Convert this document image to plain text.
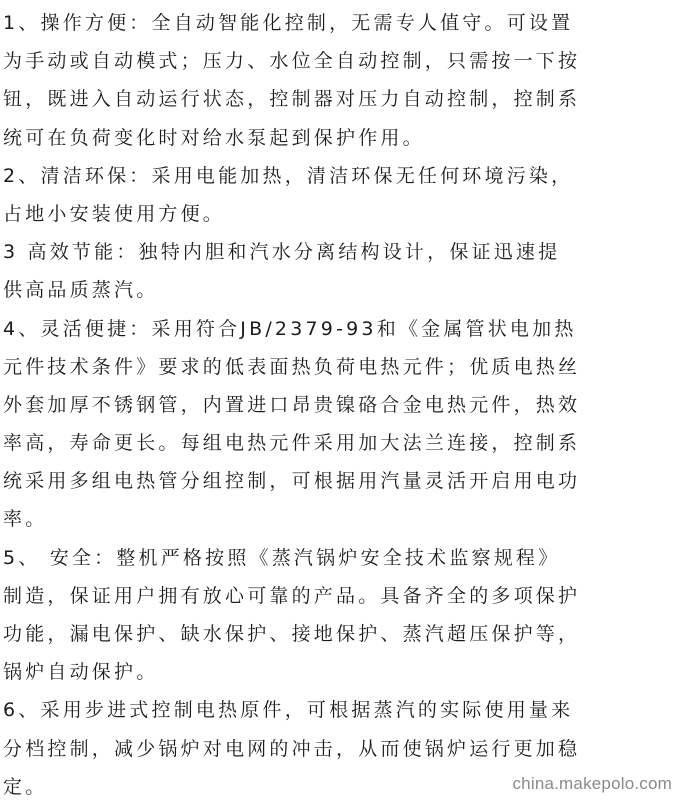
1、操作方便：全自动智能化控制，无需专人值守。可设置
为手动或自动模式；压力、水位全自动控制，只需按一下按
钮，既进入自动运行状态，控制器对压力自动控制，控制系
统可在负荷变化时对给水泵起到保护作用。
2、清洁环保：采用电能加热，清洁环保无任何环境污染，
占地小安装使用方便。
3 高效节能：独特内胆和汽水分离结构设计，保证迅速提
供高品质蒸汽。
4、灵活便捷：采用符合JB/2379-93和《金属管状电加热
元件技术条件》要求的低表面热负荷电热元件；优质电热丝
外套加厚不锈钢管，内置进口昂贵镍硌合金电热元件，热效
率高，寿命更长。每组电热元件采用加大法兰连接，控制系
统采用多组电热管分组控制，可根据用汽量灵活开启用电功
率。
5、 安全：整机严格按照《蒸汽锅炉安全技术监察规程》
制造，保证用户拥有放心可靠的产品。具备齐全的多项保护
功能，漏电保护、缺水保护、接地保护、蒸汽超压保护等，
锅炉自动保护。
6、采用步进式控制电热原件，可根据蒸汽的实际使用量来
分档控制，减少锅炉对电网的冲击，从而使锅炉运行更加稳
定。	china.makepolo.com
